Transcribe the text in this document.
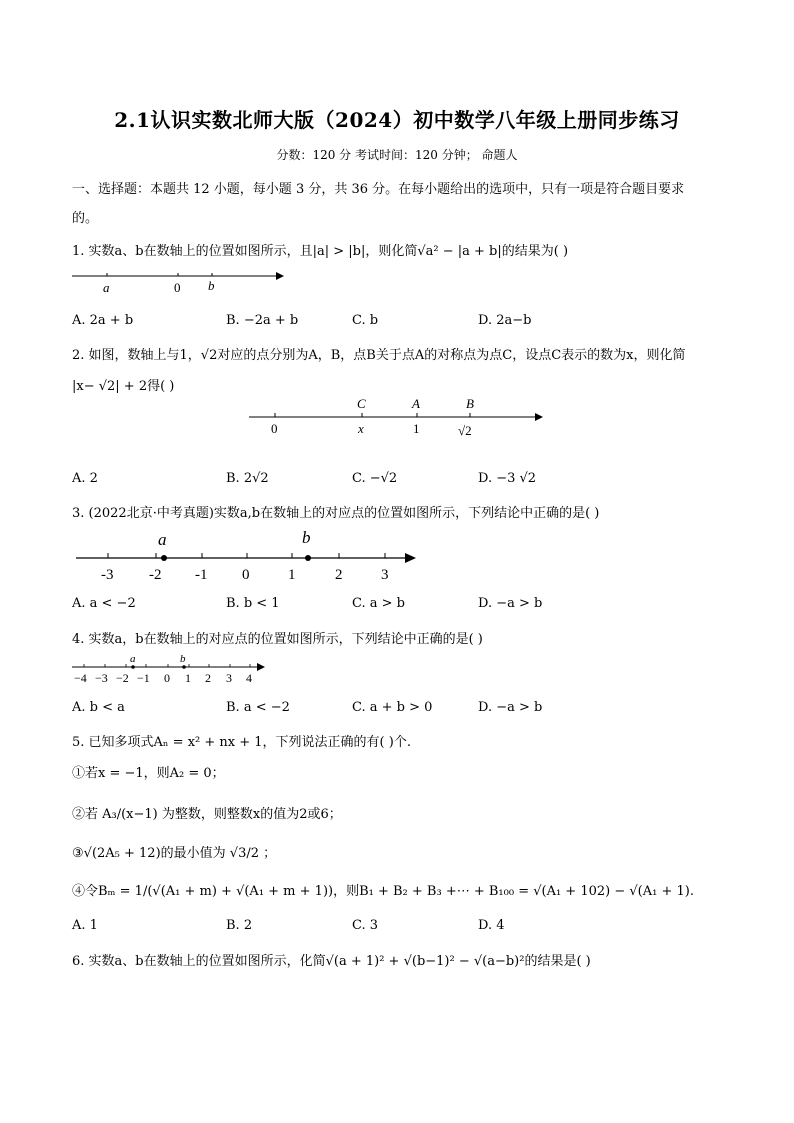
2.1认识实数北师大版（2024）初中数学八年级上册同步练习
分数：120 分 考试时间：120 分钟； 命题人
一、选择题：本题共 12 小题，每小题 3 分，共 36 分。在每小题给出的选项中，只有一项是符合题目要求
的。
1. 实数a、b在数轴上的位置如图所示，且|a| > |b|，则化简√a² − |a + b|的结果为( )
a	0 b
A. 2a + b	B. −2a + b	C. b	D. 2a−b
2. 如图，数轴上与1，√2对应的点分别为A，B，点B关于点A的对称点为点C，设点C表示的数为x，则化简
|x− √2| + 2得( )
C	A	B
0	x	1	√2
A. 2	B. 2√2	C. −√2	D. −3 √2
3. (2022北京·中考真题)实数a,b在数轴上的对应点的位置如图所示，下列结论中正确的是( )
a	b
-3 -2 -1 0	1	2	3
A. a < −2	B. b < 1	C. a > b	D. −a > b
4. 实数a，b在数轴上的对应点的位置如图所示，下列结论中正确的是( )
a	b
−4 −3 −2 −1 0 1 2 3 4
A. b < a	B. a < −2	C. a + b > 0	D. −a > b
5. 已知多项式Aₙ = x² + nx + 1，下列说法正确的有( )个.
①若x = −1，则A₂ = 0；
②若 A₃/(x−1) 为整数，则整数x的值为2或6；
③√(2A₅ + 12)的最小值为 √3/2 ；
④令Bₘ = 1/(√(A₁ + m) + √(A₁ + m + 1))，则B₁ + B₂ + B₃ +⋯ + B₁₀₀ = √(A₁ + 102) − √(A₁ + 1).
A. 1	B. 2	C. 3	D. 4
6. 实数a、b在数轴上的位置如图所示，化简√(a + 1)² + √(b−1)² − √(a−b)²的结果是( )
